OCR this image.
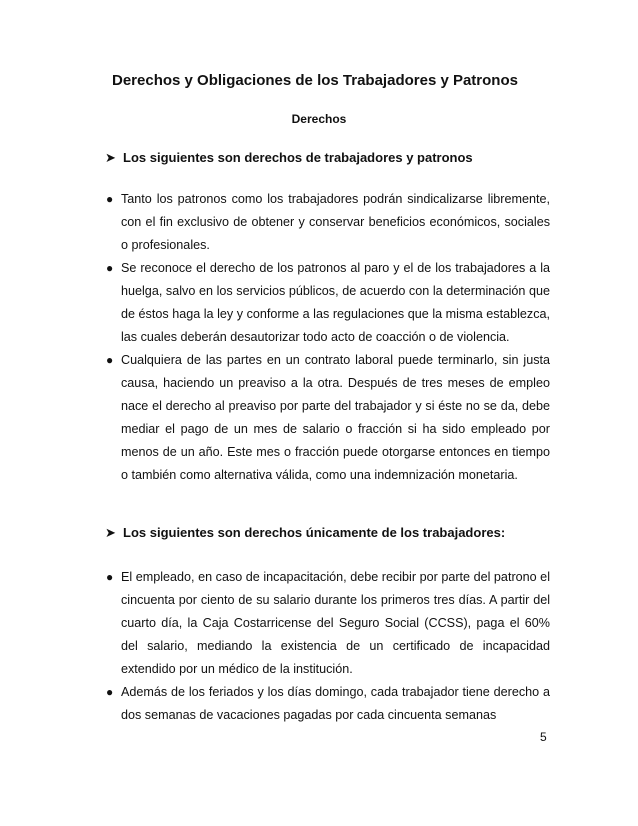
Derechos y Obligaciones de los Trabajadores y Patronos
Derechos

➤ Los siguientes son derechos de trabajadores y patronos

● Tanto los patronos como los trabajadores podrán sindicalizarse libremente, con el fin exclusivo de obtener y conservar beneficios económicos, sociales o profesionales.
● Se reconoce el derecho de los patronos al paro y el de los trabajadores a la huelga, salvo en los servicios públicos, de acuerdo con la determinación que de éstos haga la ley y conforme a las regulaciones que la misma establezca, las cuales deberán desautorizar todo acto de coacción o de violencia.
● Cualquiera de las partes en un contrato laboral puede terminarlo, sin justa causa, haciendo un preaviso a la otra. Después de tres meses de empleo nace el derecho al preaviso por parte del trabajador y si éste no se da, debe mediar el pago de un mes de salario o fracción si ha sido empleado por menos de un año. Este mes o fracción puede otorgarse entonces en tiempo o también como alternativa válida, como una indemnización monetaria.

➤ Los siguientes son derechos únicamente de los trabajadores:

● El empleado, en caso de incapacitación, debe recibir por parte del patrono el cincuenta por ciento de su salario durante los primeros tres días. A partir del cuarto día, la Caja Costarricense del Seguro Social (CCSS), paga el 60% del salario, mediando la existencia de un certificado de incapacidad extendido por un médico de la institución.
● Además de los feriados y los días domingo, cada trabajador tiene derecho a dos semanas de vacaciones pagadas por cada cincuenta semanas

5
